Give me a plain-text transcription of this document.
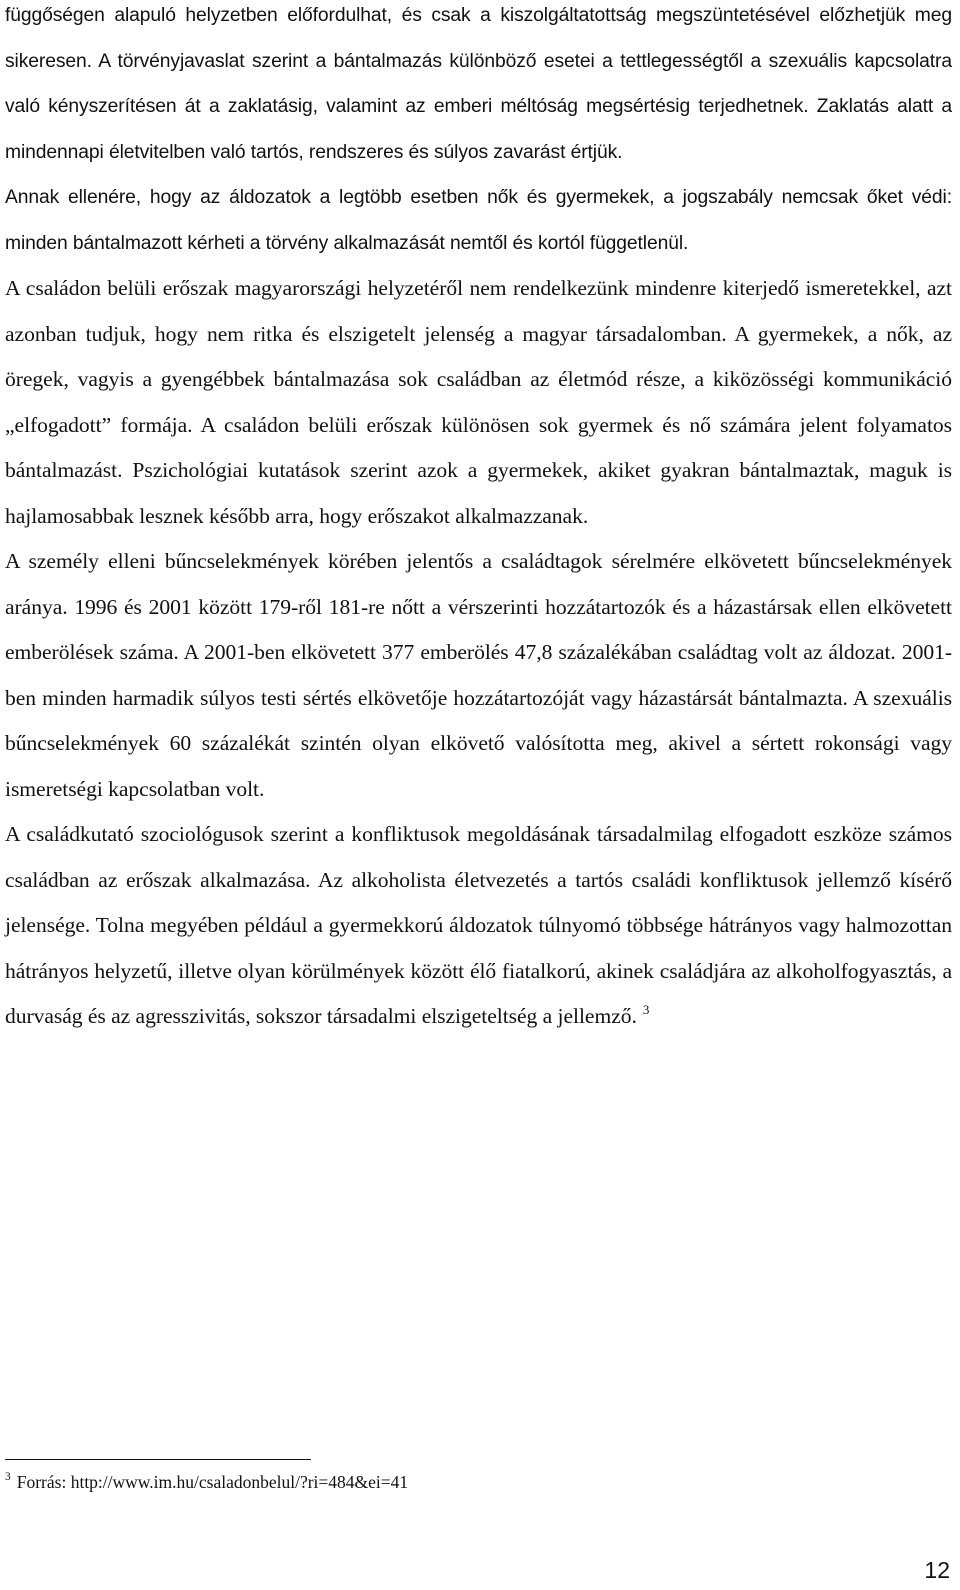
függőségen alapuló helyzetben előfordulhat, és csak a kiszolgáltatottság megszüntetésével előzhetjük meg sikeresen. A törvényjavaslat szerint a bántalmazás különböző esetei a tettlegességtől a szexuális kapcsolatra való kényszerítésen át a zaklatásig, valamint az emberi méltóság megsértésig terjedhetnek. Zaklatás alatt a mindennapi életvitelben való tartós, rendszeres és súlyos zavarást értjük.

Annak ellenére, hogy az áldozatok a legtöbb esetben nők és gyermekek, a jogszabály nemcsak őket védi: minden bántalmazott kérheti a törvény alkalmazását nemtől és kortól függetlenül.

A családon belüli erőszak magyarországi helyzetéről nem rendelkezünk mindenre kiterjedő ismeretekkel, azt azonban tudjuk, hogy nem ritka és elszigetelt jelenség a magyar társadalomban. A gyermekek, a nők, az öregek, vagyis a gyengébbek bántalmazása sok családban az életmód része, a kiközösségi kommunikáció „elfogadott” formája. A családon belüli erőszak különösen sok gyermek és nő számára jelent folyamatos bántalmazást. Pszichológiai kutatások szerint azok a gyermekek, akiket gyakran bántalmaztak, maguk is hajlamosabbak lesznek később arra, hogy erőszakot alkalmazzanak.

A személy elleni bűncselekmények körében jelentős a családtagok sérelmére elkövetett bűncselekmények aránya. 1996 és 2001 között 179-ről 181-re nőtt a vérszerinti hozzátartozók és a házastársak ellen elkövetett emberölések száma. A 2001-ben elkövetett 377 emberölés 47,8 százalékában családtag volt az áldozat. 2001-ben minden harmadik súlyos testi sértés elkövetője hozzátartozóját vagy házastársát bántalmazta. A szexuális bűncselekmények 60 százalékát szintén olyan elkövető valósította meg, akivel a sértett rokonsági vagy ismeretségi kapcsolatban volt.

A családkutató szociológusok szerint a konfliktusok megoldásának társadalmilag elfogadott eszköze számos családban az erőszak alkalmazása. Az alkoholista életvezetés a tartós családi konfliktusok jellemző kísérő jelensége. Tolna megyében például a gyermekkorú áldozatok túlnyomó többsége hátrányos vagy halmozottan hátrányos helyzetű, illetve olyan körülmények között élő fiatalkorú, akinek családjára az alkoholfogyasztás, a durvaság és az agresszivitás, sokszor társadalmi elszigeteltség a jellemző. $^3$

$^3$ Forrás: http://www.im.hu/csaladonbelul/?ri=484&ei=41
12
